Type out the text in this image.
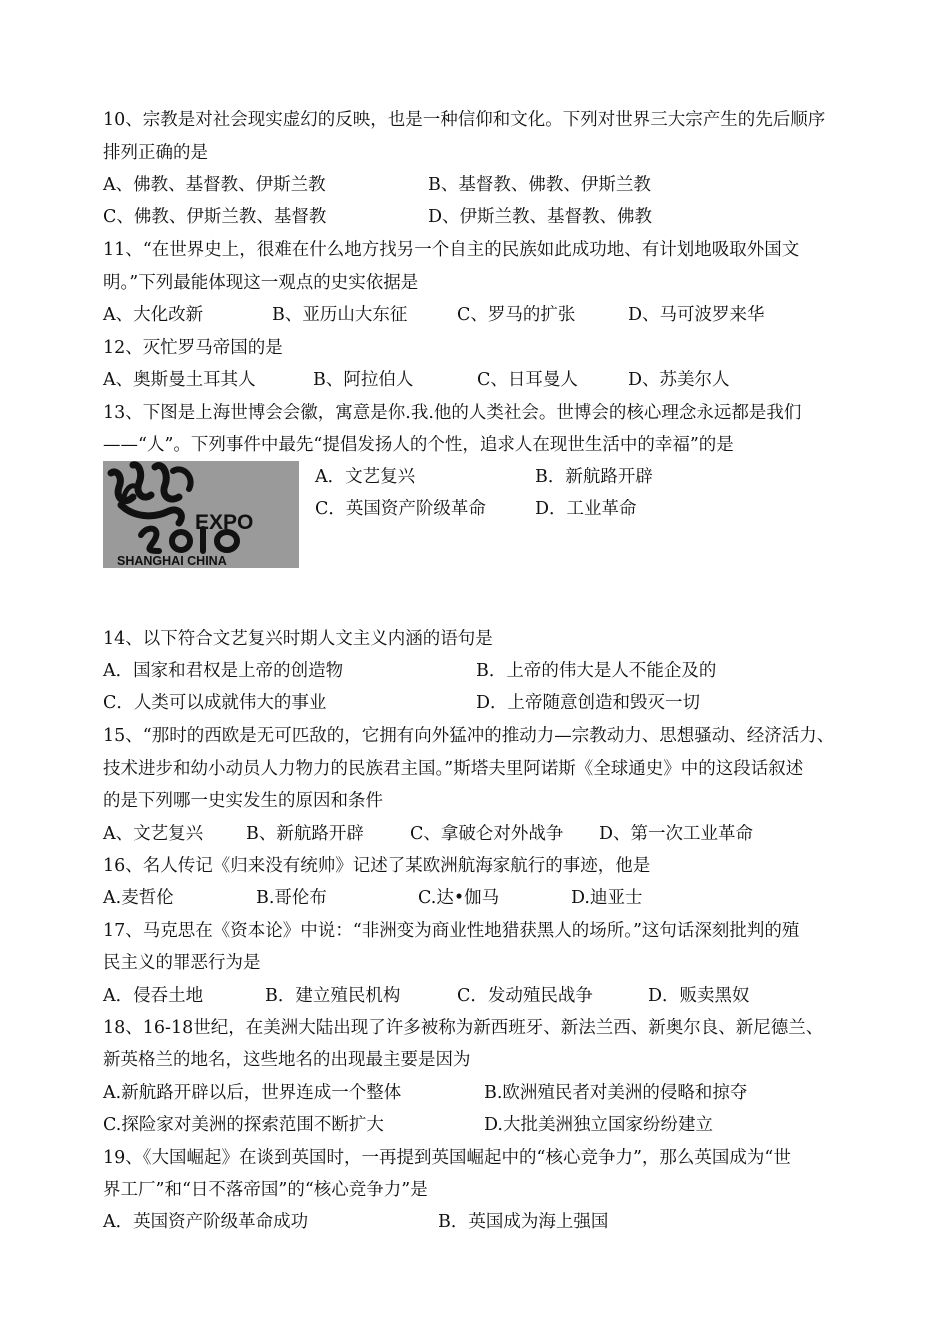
10、宗教是对社会现实虚幻的反映，也是一种信仰和文化。下列对世界三大宗产生的先后顺序
排列正确的是
A、佛教、基督教、伊斯兰教	B、基督教、佛教、伊斯兰教
C、佛教、伊斯兰教、基督教	D、伊斯兰教、基督教、佛教
11、“在世界史上，很难在什么地方找另一个自主的民族如此成功地、有计划地吸取外国文
明。”下列最能体现这一观点的史实依据是
A、大化改新	B、亚历山大东征	C、罗马的扩张	D、马可波罗来华
12、灭忙罗马帝国的是
A、奥斯曼土耳其人	B、阿拉伯人	C、日耳曼人	D、苏美尔人
13、下图是上海世博会会徽，寓意是你.我.他的人类社会。世博会的核心理念永远都是我们
——“人”。下列事件中最先“提倡发扬人的个性，追求人在现世生活中的幸福”的是
EXPO
SHANGHAI CHINA
A．文艺复兴	B．新航路开辟
C．英国资产阶级革命	D．工业革命
14、以下符合文艺复兴时期人文主义内涵的语句是
A．国家和君权是上帝的创造物	B．上帝的伟大是人不能企及的
C．人类可以成就伟大的事业	D．上帝随意创造和毁灭一切
15、“那时的西欧是无可匹敌的，它拥有向外猛冲的推动力—宗教动力、思想骚动、经济活力、
技术进步和幼小动员人力物力的民族君主国。”斯塔夫里阿诺斯《全球通史》中的这段话叙述
的是下列哪一史实发生的原因和条件
A、文艺复兴 B、新航路开辟	C、拿破仑对外战争 D、第一次工业革命
16、名人传记《归来没有统帅》记述了某欧洲航海家航行的事迹，他是
A.麦哲伦	B.哥伦布	C.达•伽马	D.迪亚士
17、马克思在《资本论》中说：“非洲变为商业性地猎获黑人的场所。”这句话深刻批判的殖
民主义的罪恶行为是
A．侵吞土地	B．建立殖民机构	C．发动殖民战争	D．贩卖黑奴
18、16-18世纪，在美洲大陆出现了许多被称为新西班牙、新法兰西、新奥尔良、新尼德兰、
新英格兰的地名，这些地名的出现最主要是因为
A.新航路开辟以后，世界连成一个整体	B.欧洲殖民者对美洲的侵略和掠夺
C.探险家对美洲的探索范围不断扩大	D.大批美洲独立国家纷纷建立
19、《大国崛起》在谈到英国时，一再提到英国崛起中的“核心竞争力”，那么英国成为“世
界工厂”和“日不落帝国”的“核心竞争力”是
A．英国资产阶级革命成功	B．英国成为海上强国
